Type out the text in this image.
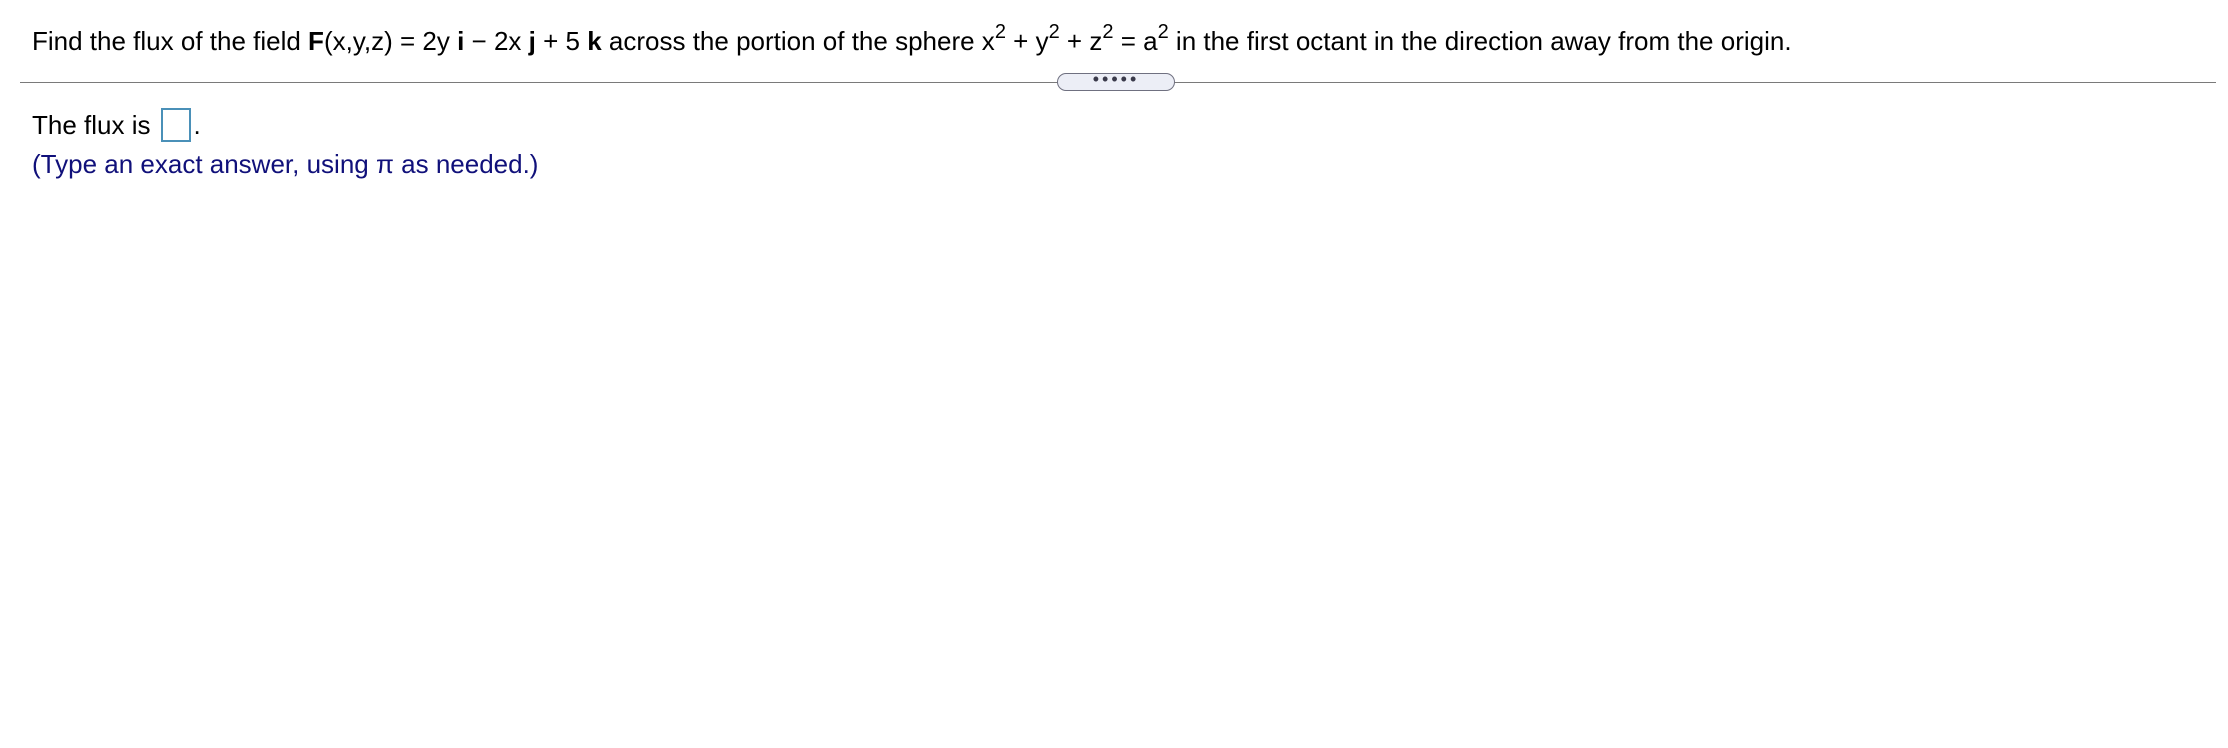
Find the flux of the field F(x,y,z) = 2y i − 2x j + 5 k across the portion of the sphere $x^2 + y^2 + z^2 = a^2$ in the first octant in the direction away from the origin.
•••••
The flux is .
(Type an exact answer, using π as needed.)
